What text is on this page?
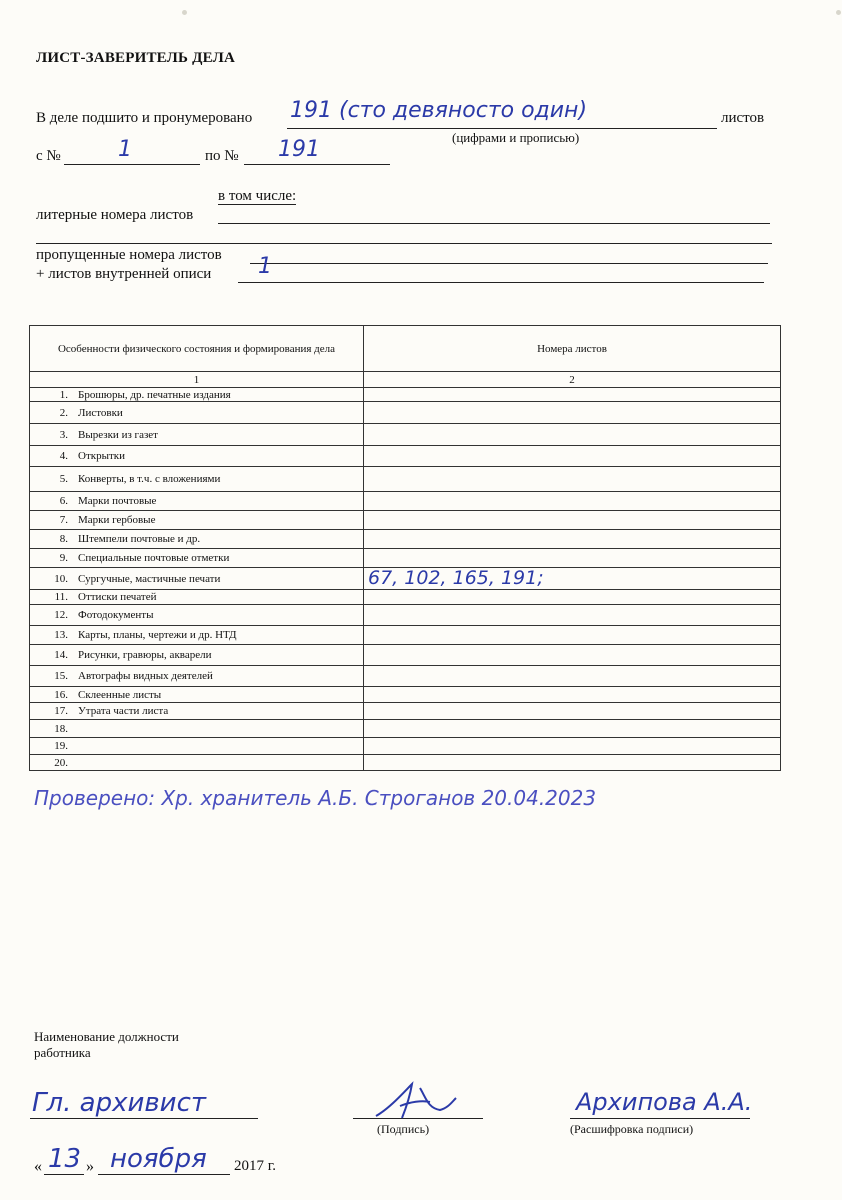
ЛИСТ-ЗАВЕРИТЕЛЬ ДЕЛА
В деле подшито и пронумеровано 191 (сто девяносто один)	листов
(цифрами и прописью)
с №	1	по № 191
в том числе:
литерные номера листов
пропущенные номера листов
+ листов внутренней описи 1
Особенности физического состояния и формирования дела	Номера листов
1	2
1. Брошюры, др. печатные издания	
2. Листовки	
3. Вырезки из газет	
4. Открытки	
5. Конверты, в т.ч. с вложениями	
6. Марки почтовые	
7. Марки гербовые	
8. Штемпели почтовые и др.	
9. Специальные почтовые отметки	
10. Сургучные, мастичные печати	67, 102, 165, 191;
11. Оттиски печатей	
12. Фотодокументы	
13. Карты, планы, чертежи и др. НТД	
14. Рисунки, гравюры, акварели	
15. Автографы видных деятелей	
16. Склеенные листы	
17. Утрата части листа	
18.	
19.	
20.	
Проверено: Хр. хранитель А.Б. Строганов 20.04.2023
Наименование должности работника
Гл. архивист
(Подпись)
Архипова А.А.
(Расшифровка подписи)
« 13 » ноября 2017 г.
